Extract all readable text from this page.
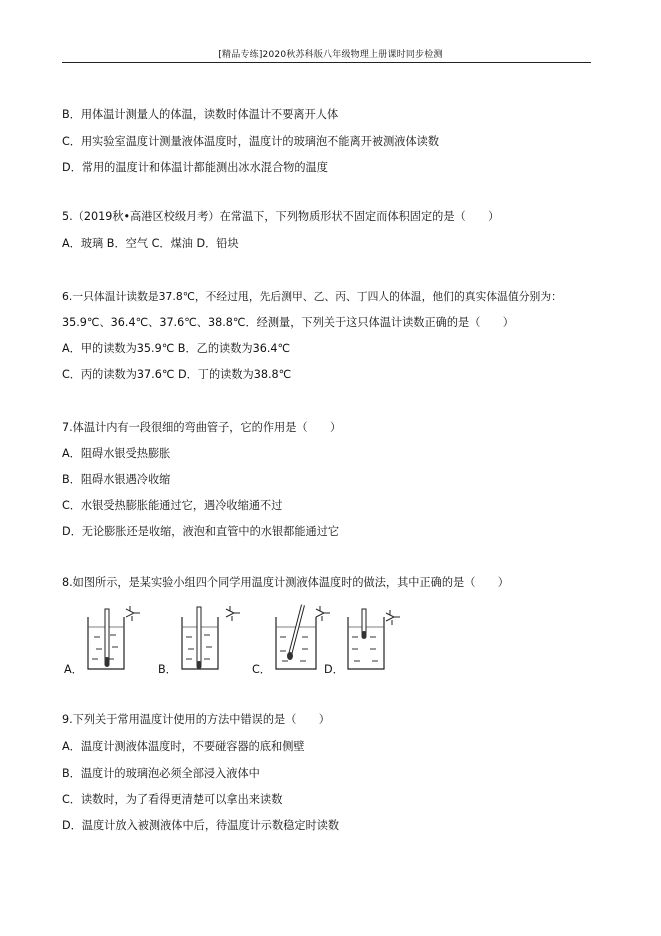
[精品专练]2020秋苏科版八年级物理上册课时同步检测
B．用体温计测量人的体温，读数时体温计不要离开人体
C．用实验室温度计测量液体温度时，温度计的玻璃泡不能离开被测液体读数
D．常用的温度计和体温计都能测出冰水混合物的温度
5.（2019秋•高港区校级月考）在常温下，下列物质形状不固定而体积固定的是（　　）
A．玻璃 B．空气 C．煤油 D．铅块
6.一只体温计读数是37.8℃，不经过甩，先后测甲、乙、丙、丁四人的体温，他们的真实体温值分别为：
35.9℃、36.4℃、37.6℃、38.8℃．经测量，下列关于这只体温计读数正确的是（　　）
A．甲的读数为35.9℃ B．乙的读数为36.4℃
C．丙的读数为37.6℃ D．丁的读数为38.8℃
7.体温计内有一段很细的弯曲管子，它的作用是（　　）
A．阻碍水银受热膨胀
B．阻碍水银遇冷收缩
C．水银受热膨胀能通过它，遇冷收缩通不过
D．无论膨胀还是收缩，液泡和直管中的水银都能通过它
8.如图所示，是某实验小组四个同学用温度计测液体温度时的做法，其中正确的是（　　）
A．	B．	C．	D．
9.下列关于常用温度计使用的方法中错误的是（　　）
A．温度计测液体温度时，不要碰容器的底和侧壁
B．温度计的玻璃泡必须全部浸入液体中
C．读数时，为了看得更清楚可以拿出来读数
D．温度计放入被测液体中后，待温度计示数稳定时读数
